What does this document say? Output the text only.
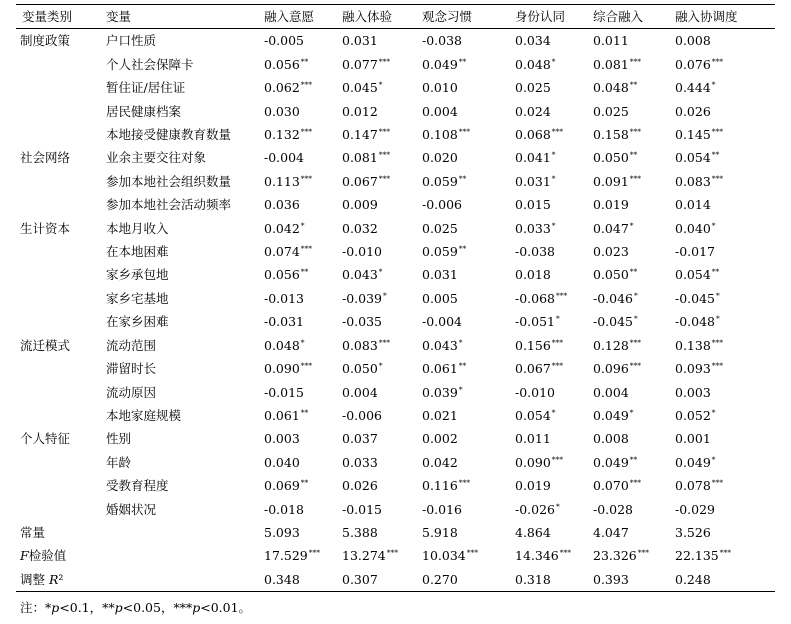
变量类别	变量	融入意愿	融入体验	观念习惯	身份认同	综合融入	融入协调度
制度政策	户口性质	-0.005	0.031	-0.038	0.034	0.011	0.008
	个人社会保障卡	0.056**	0.077***	0.049**	0.048*	0.081***	0.076***
	暂住证/居住证	0.062***	0.045*	0.010	0.025	0.048**	0.444*
	居民健康档案	0.030	0.012	0.004	0.024	0.025	0.026
	本地接受健康教育数量	0.132***	0.147***	0.108***	0.068***	0.158***	0.145***
社会网络	业余主要交往对象	-0.004	0.081***	0.020	0.041*	0.050**	0.054**
	参加本地社会组织数量	0.113***	0.067***	0.059**	0.031*	0.091***	0.083***
	参加本地社会活动频率	0.036	0.009	-0.006	0.015	0.019	0.014
生计资本	本地月收入	0.042*	0.032	0.025	0.033*	0.047*	0.040*
	在本地困难	0.074***	-0.010	0.059**	-0.038	0.023	-0.017
	家乡承包地	0.056**	0.043*	0.031	0.018	0.050**	0.054**
	家乡宅基地	-0.013	-0.039*	0.005	-0.068***	-0.046*	-0.045*
	在家乡困难	-0.031	-0.035	-0.004	-0.051*	-0.045*	-0.048*
流迁模式	流动范围	0.048*	0.083***	0.043*	0.156***	0.128***	0.138***
	滞留时长	0.090***	0.050*	0.061**	0.067***	0.096***	0.093***
	流动原因	-0.015	0.004	0.039*	-0.010	0.004	0.003
	本地家庭规模	0.061**	-0.006	0.021	0.054*	0.049*	0.052*
个人特征	性别	0.003	0.037	0.002	0.011	0.008	0.001
	年龄	0.040	0.033	0.042	0.090***	0.049**	0.049*
	受教育程度	0.069**	0.026	0.116***	0.019	0.070***	0.078***
	婚姻状况	-0.018	-0.015	-0.016	-0.026*	-0.028	-0.029
常量		5.093	5.388	5.918	4.864	4.047	3.526
F检验值		17.529***	13.274***	10.034***	14.346***	23.326***	22.135***
调整 R²		0.348	0.307	0.270	0.318	0.393	0.248
注：*p<0.1，**p<0.05，***p<0.01。
